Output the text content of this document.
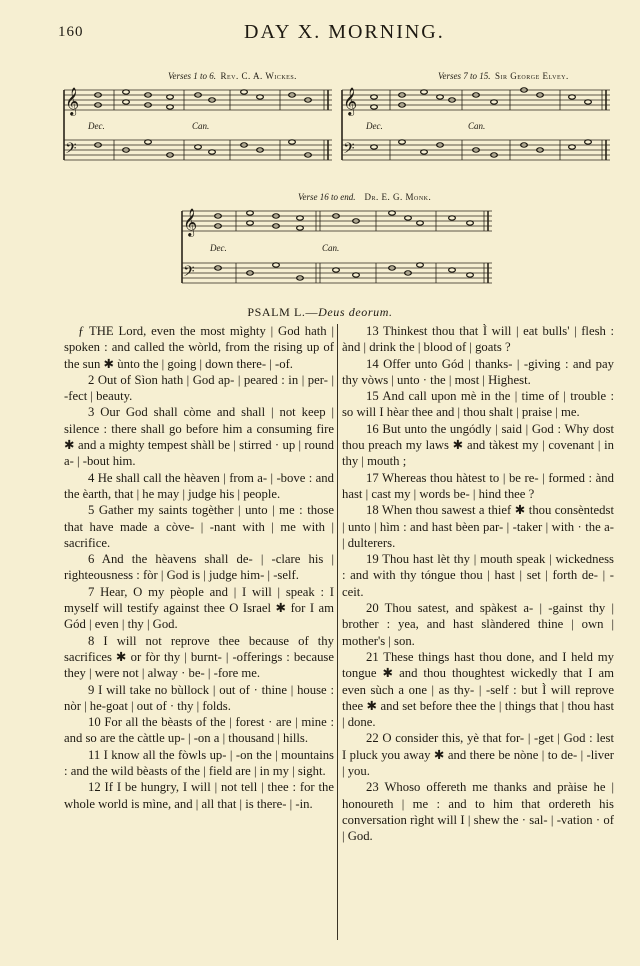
160	DAY X. MORNING.
Verses 1 to 6. Rev. C. A. Wickes.	Verses 7 to 15. Sir George Elvey.
Verse 16 to end. Dr. E. G. Monk.
𝄞
𝄢
Dec.	Can.
𝄞
𝄢
Dec.	Can.
𝄞
𝄢
Dec.	Can.
PSALM L.—Deus deorum.

ƒ THE Lord, even the most mìghty | God hath | spoken : and called the wòrld, from the rising up of the sun ✱ ùnto the | going | down there- | -of.

2 Out of Sìon hath | God ap- | peared : in | per- | -fect | beauty.

3 Our God shall còme and shall | not keep | silence : there shall go before him a consuming fire ✱ and a mighty tempest shàll be | stirred · up | round a- | -bout him.

4 He shall call the hèaven | from a- | -bove : and the èarth, that | he may | judge his | people.

5 Gather my saints togèther | unto | me : those that have made a còve- | -nant with | me with | sacrifice.

6 And the hèavens shall de- | -clare his | righteousness : fòr | God is | judge him- | -self.

7 Hear, O my pèople and | I will | speak : I myself will testify against thee O Israel ✱ for I am Gód | even | thy | God.

8 I will not reprove thee because of thy sacrifices ✱ or fòr thy | burnt- | -offerings : because they | were not | alway · be- | -fore me.

9 I will take no bùllock | out of · thine | house : nòr | he-goat | out of · thy | folds.

10 For all the bèasts of the | forest · are | mine : and so are the càttle up- | -on a | thousand | hills.

11 I know all the fòwls up- | -on the | mountains : and the wild bèasts of the | field are | in my | sight.

12 If I be hungry, I will | not tell | thee : for the whole world is mìne, and | all that | is there- | -in.

13 Thinkest thou that Ì will | eat bulls' | flesh : ànd | drink the | blood of | goats ?

14 Offer unto Gód | thanks- | -giving : and pay thy vòws | unto · the | most | Highest.

15 And call upon mè in the | time of | trouble : so will I hèar thee and | thou shalt | praise | me.

16 But unto the ungódly | said | God : Why dost thou preach my laws ✱ and tàkest my | covenant | in thy | mouth ;

17 Whereas thou hàtest to | be re- | formed : ànd hast | cast my | words be- | hind thee ?

18 When thou sawest a thief ✱ thou consèntedst | unto | hìm : and hast bèen par- | -taker | with · the a- | dulterers.

19 Thou hast lèt thy | mouth speak | wickedness : and with thy tóngue thou | hast | set | forth de- | -ceit.

20 Thou satest, and spàkest a- | -gainst thy | brother : yea, and hast slàndered thine | own | mother's | son.

21 These things hast thou done, and I held my tongue ✱ and thou thoughtest wickedly that I am even sùch a one | as thy- | -self : but Ì will reprove thee ✱ and set before thee the | things that | thou hast | done.

22 O consider this, yè that for- | -get | God : lest I pluck you away ✱ and there be nòne | to de- | -liver | you.

23 Whoso offereth me thanks and pràise he | honoureth | me : and to him that ordereth his conversation rìght will I | shew the · sal- | -vation · of | God.
